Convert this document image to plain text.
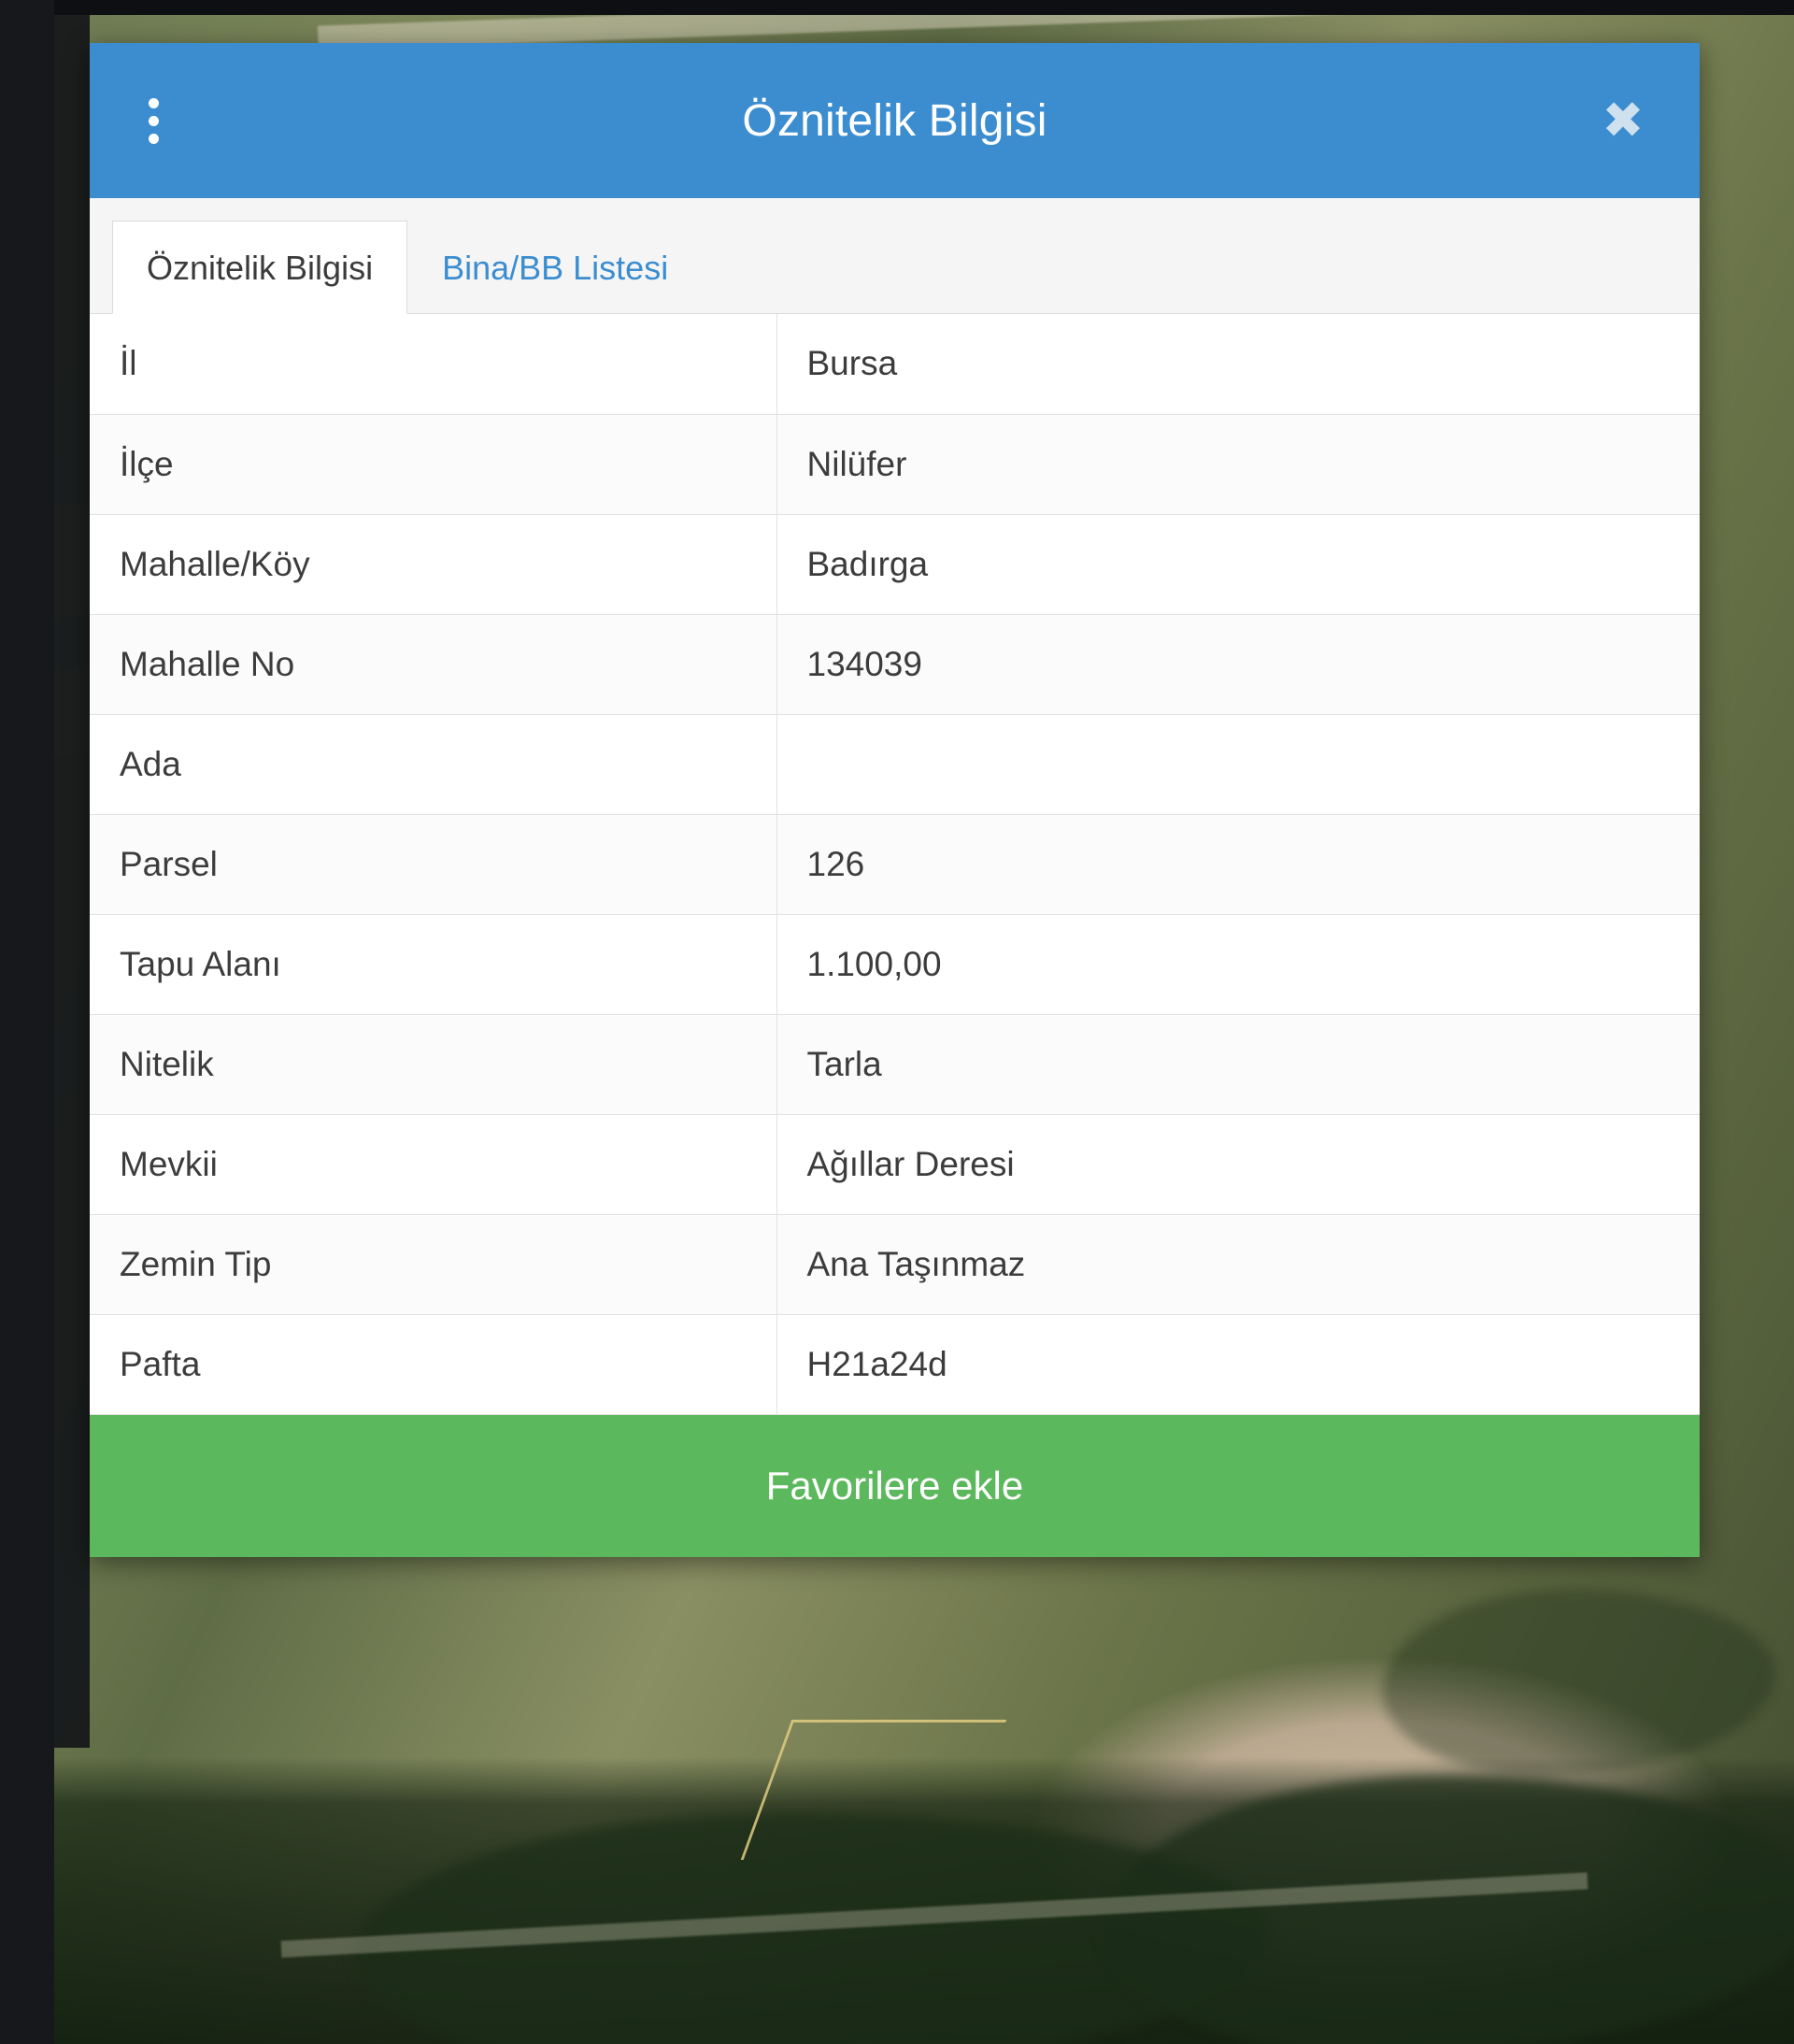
Öznitelik Bilgisi	✖
Öznitelik Bilgisi	Bina/BB Listesi
İl	Bursa
İlçe	Nilüfer
Mahalle/Köy	Badırga
Mahalle No	134039
Ada	
Parsel	126
Tapu Alanı	1.100,00
Nitelik	Tarla
Mevkii	Ağıllar Deresi
Zemin Tip	Ana Taşınmaz
Pafta	H21a24d
Favorilere ekle
